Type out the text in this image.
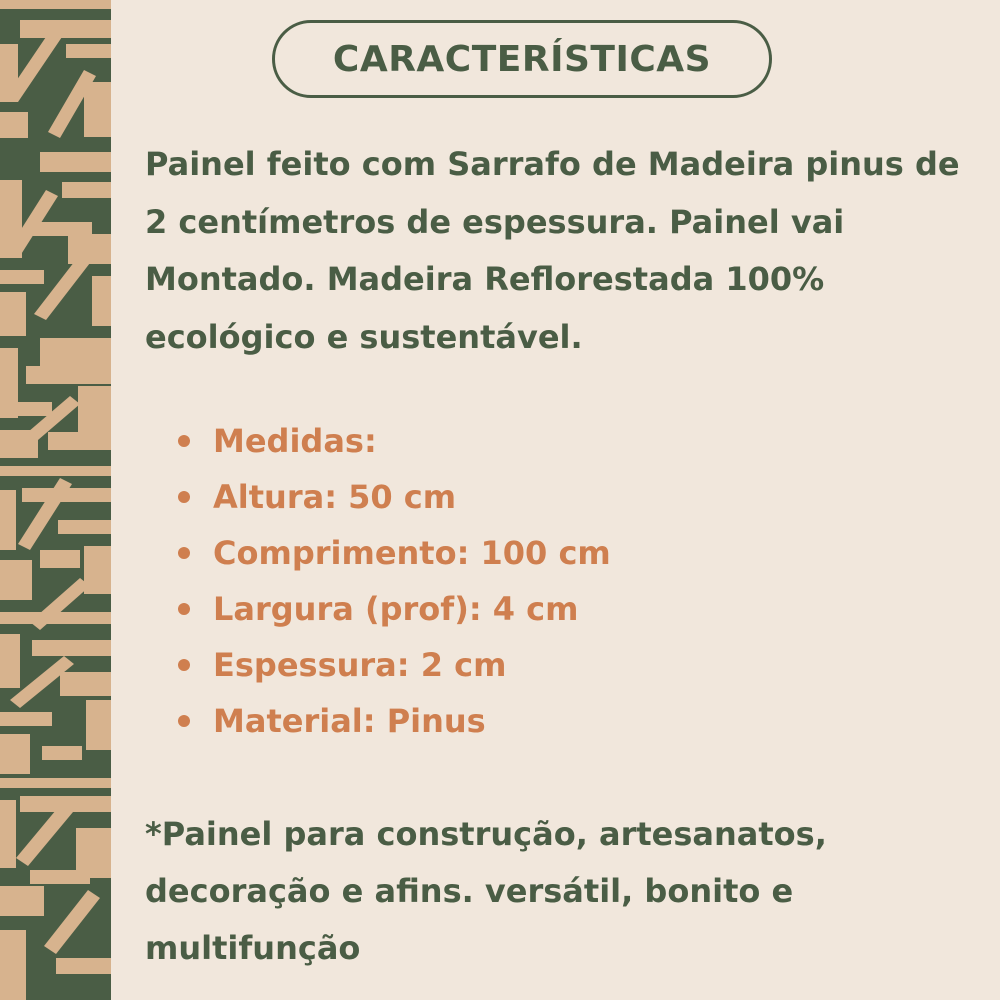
CARACTERÍSTICAS

Painel feito com Sarrafo de Madeira pinus de 2 centímetros de espessura. Painel vai Montado. Madeira Reflorestada 100% ecológico e sustentável.

Medidas:
Altura: 50 cm
Comprimento: 100 cm
Largura (prof): 4 cm
Espessura: 2 cm
Material: Pinus

*Painel para construção, artesanatos, decoração e afins. versátil, bonito e multifunção
